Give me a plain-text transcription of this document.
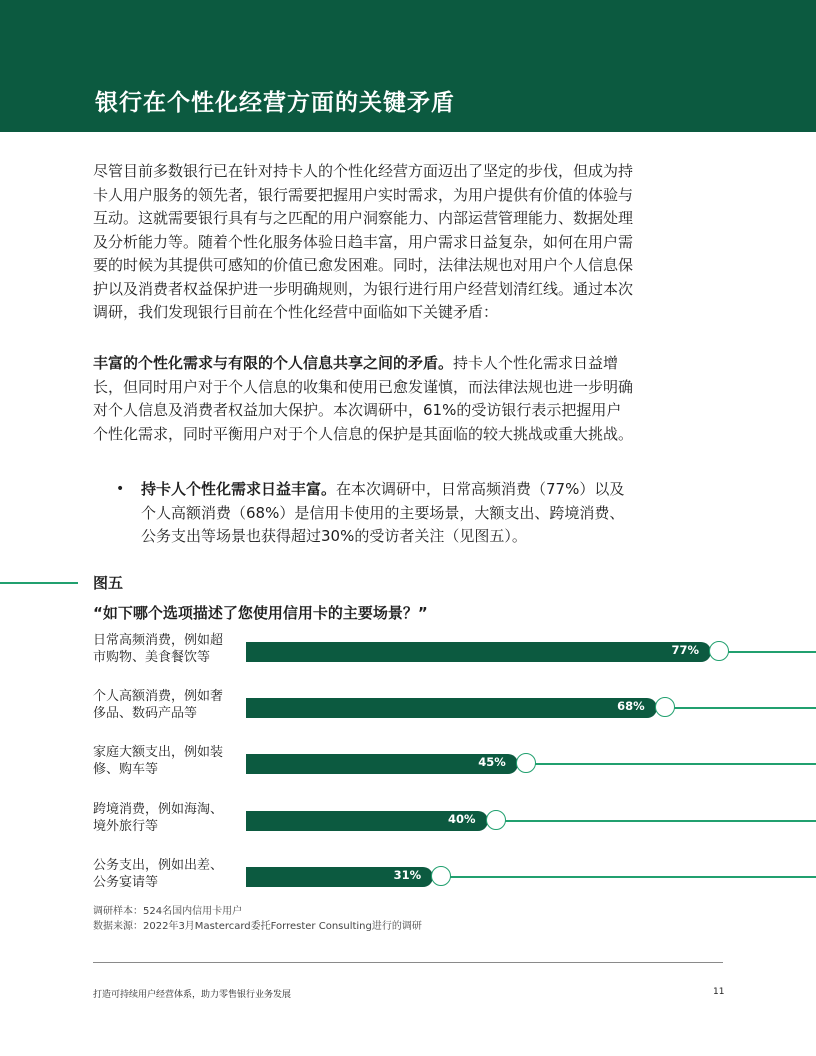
银行在个性化经营方面的关键矛盾

尽管目前多数银行已在针对持卡人的个性化经营方面迈出了坚定的步伐，但成为持卡人用户服务的领先者，银行需要把握用户实时需求，为用户提供有价值的体验与互动。这就需要银行具有与之匹配的用户洞察能力、内部运营管理能力、数据处理及分析能力等。随着个性化服务体验日趋丰富，用户需求日益复杂，如何在用户需要的时候为其提供可感知的价值已愈发困难。同时，法律法规也对用户个人信息保护以及消费者权益保护进一步明确规则，为银行进行用户经营划清红线。通过本次调研，我们发现银行目前在个性化经营中面临如下关键矛盾：

丰富的个性化需求与有限的个人信息共享之间的矛盾。持卡人个性化需求日益增长，但同时用户对于个人信息的收集和使用已愈发谨慎，而法律法规也进一步明确对个人信息及消费者权益加大保护。本次调研中，61%的受访银行表示把握用户个性化需求，同时平衡用户对于个人信息的保护是其面临的较大挑战或重大挑战。

• 持卡人个性化需求日益丰富。在本次调研中，日常高频消费（77%）以及个人高额消费（68%）是信用卡使用的主要场景，大额支出、跨境消费、公务支出等场景也获得超过30%的受访者关注（见图五）。

图五
“如下哪个选项描述了您使用信用卡的主要场景？”
日常高频消费，例如超
市购物、美食餐饮等	77%
个人高额消费，例如奢
侈品、数码产品等	68%
家庭大额支出，例如装
修、购车等	45%
跨境消费，例如海淘、
境外旅行等	40%
公务支出，例如出差、
公务宴请等	31%
调研样本：524名国内信用卡用户
数据来源：2022年3月Mastercard委托Forrester Consulting进行的调研
打造可持续用户经营体系，助力零售银行业务发展	11
